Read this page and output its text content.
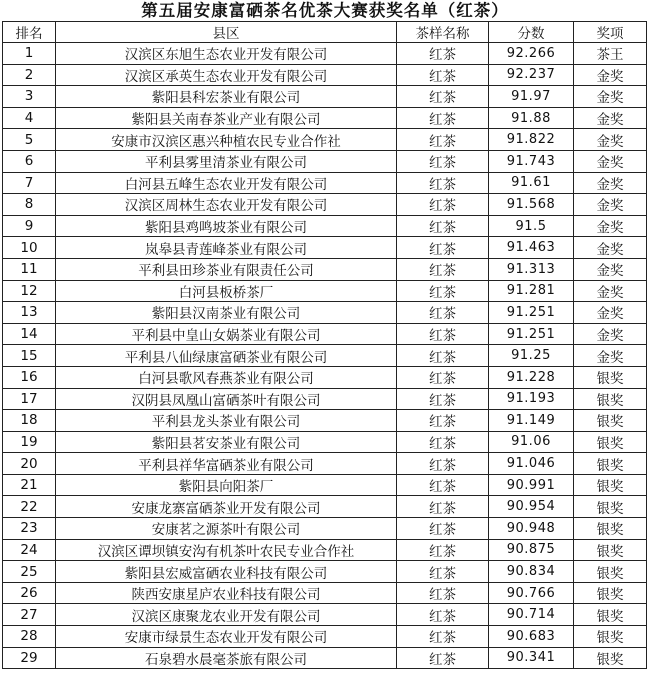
第五届安康富硒茶名优茶大赛获奖名单（红茶）
排名	县区	茶样名称	分数	奖项
1	汉滨区东旭生态农业开发有限公司	红茶	92.266	茶王
2	汉滨区承英生态农业开发有限公司	红茶	92.237	金奖
3	紫阳县科宏茶业有限公司	红茶	91.97	金奖
4	紫阳县关南春茶业产业有限公司	红茶	91.88	金奖
5	安康市汉滨区惠兴种植农民专业合作社	红茶	91.822	金奖
6	平利县雾里清茶业有限公司	红茶	91.743	金奖
7	白河县五峰生态农业开发有限公司	红茶	91.61	金奖
8	汉滨区周林生态农业开发有限公司	红茶	91.568	金奖
9	紫阳县鸡鸣坡茶业有限公司	红茶	91.5	金奖
10	岚皋县青莲峰茶业有限公司	红茶	91.463	金奖
11	平利县田珍茶业有限责任公司	红茶	91.313	金奖
12	白河县板桥茶厂	红茶	91.281	金奖
13	紫阳县汉南茶业有限公司	红茶	91.251	金奖
14	平利县中皇山女娲茶业有限公司	红茶	91.251	金奖
15	平利县八仙绿康富硒茶业有限公司	红茶	91.25	金奖
16	白河县歌风春燕茶业有限公司	红茶	91.228	银奖
17	汉阴县凤凰山富硒茶叶有限公司	红茶	91.193	银奖
18	平利县龙头茶业有限公司	红茶	91.149	银奖
19	紫阳县茗安茶业有限公司	红茶	91.06	银奖
20	平利县祥华富硒茶业有限公司	红茶	91.046	银奖
21	紫阳县向阳茶厂	红茶	90.991	银奖
22	安康龙寨富硒茶业开发有限公司	红茶	90.954	银奖
23	安康茗之源茶叶有限公司	红茶	90.948	银奖
24	汉滨区谭坝镇安沟有机茶叶农民专业合作社	红茶	90.875	银奖
25	紫阳县宏威富硒农业科技有限公司	红茶	90.834	银奖
26	陕西安康星庐农业科技有限公司	红茶	90.766	银奖
27	汉滨区康聚龙农业开发有限公司	红茶	90.714	银奖
28	安康市绿景生态农业开发有限公司	红茶	90.683	银奖
29	石泉碧水晨毫茶旅有限公司	红茶	90.341	银奖
